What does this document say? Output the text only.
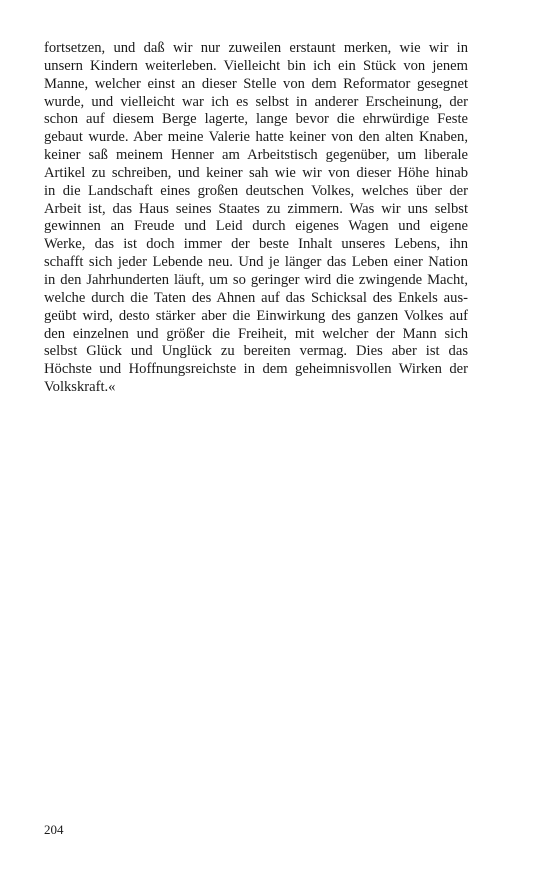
fortsetzen, und daß wir nur zuweilen erstaunt merken, wie wir in
unsern Kindern weiterleben. Vielleicht bin ich ein Stück von jenem
Manne, welcher einst an dieser Stelle von dem Reformator gesegnet
wurde, und vielleicht war ich es selbst in anderer Erscheinung, der
schon auf diesem Berge lagerte, lange bevor die ehrwürdige Feste
gebaut wurde. Aber meine Valerie hatte keiner von den alten Knaben,
keiner saß meinem Henner am Arbeitstisch gegenüber, um liberale
Artikel zu schreiben, und keiner sah wie wir von dieser Höhe hinab
in die Landschaft eines großen deutschen Volkes, welches über der
Arbeit ist, das Haus seines Staates zu zimmern. Was wir uns selbst
gewinnen an Freude und Leid durch eigenes Wagen und eigene
Werke, das ist doch immer der beste Inhalt unseres Lebens, ihn
schafft sich jeder Lebende neu. Und je länger das Leben einer Nation
in den Jahrhunderten läuft, um so geringer wird die zwingende Macht,
welche durch die Taten des Ahnen auf das Schicksal des Enkels aus-
geübt wird, desto stärker aber die Einwirkung des ganzen Volkes auf
den einzelnen und größer die Freiheit, mit welcher der Mann sich
selbst Glück und Unglück zu bereiten vermag. Dies aber ist das
Höchste und Hoffnungsreichste in dem geheimnisvollen Wirken der
Volkskraft.«
204
